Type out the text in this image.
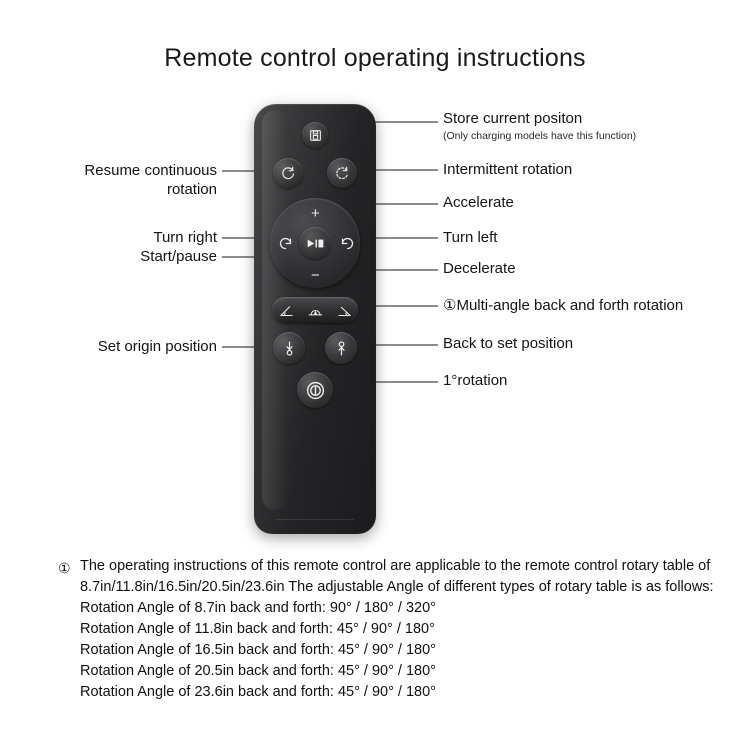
Remote control operating instructions
+
−
Store current positon
(Only charging models have this function)
Intermittent rotation
Accelerate
Turn left
Decelerate
①Multi-angle back and forth rotation
Back to set position
1°rotation
Resume continuous rotation
Turn right
Start/pause
Set origin position
① The operating instructions of this remote control are applicable to the remote control rotary table of 8.7in/11.8in/16.5in/20.5in/23.6in The adjustable Angle of different types of rotary table is as follows:
Rotation Angle of 8.7in back and forth: 90° / 180° / 320°
Rotation Angle of 11.8in back and forth: 45° / 90° / 180°
Rotation Angle of 16.5in back and forth: 45° / 90° / 180°
Rotation Angle of 20.5in back and forth: 45° / 90° / 180°
Rotation Angle of 23.6in back and forth: 45° / 90° / 180°
